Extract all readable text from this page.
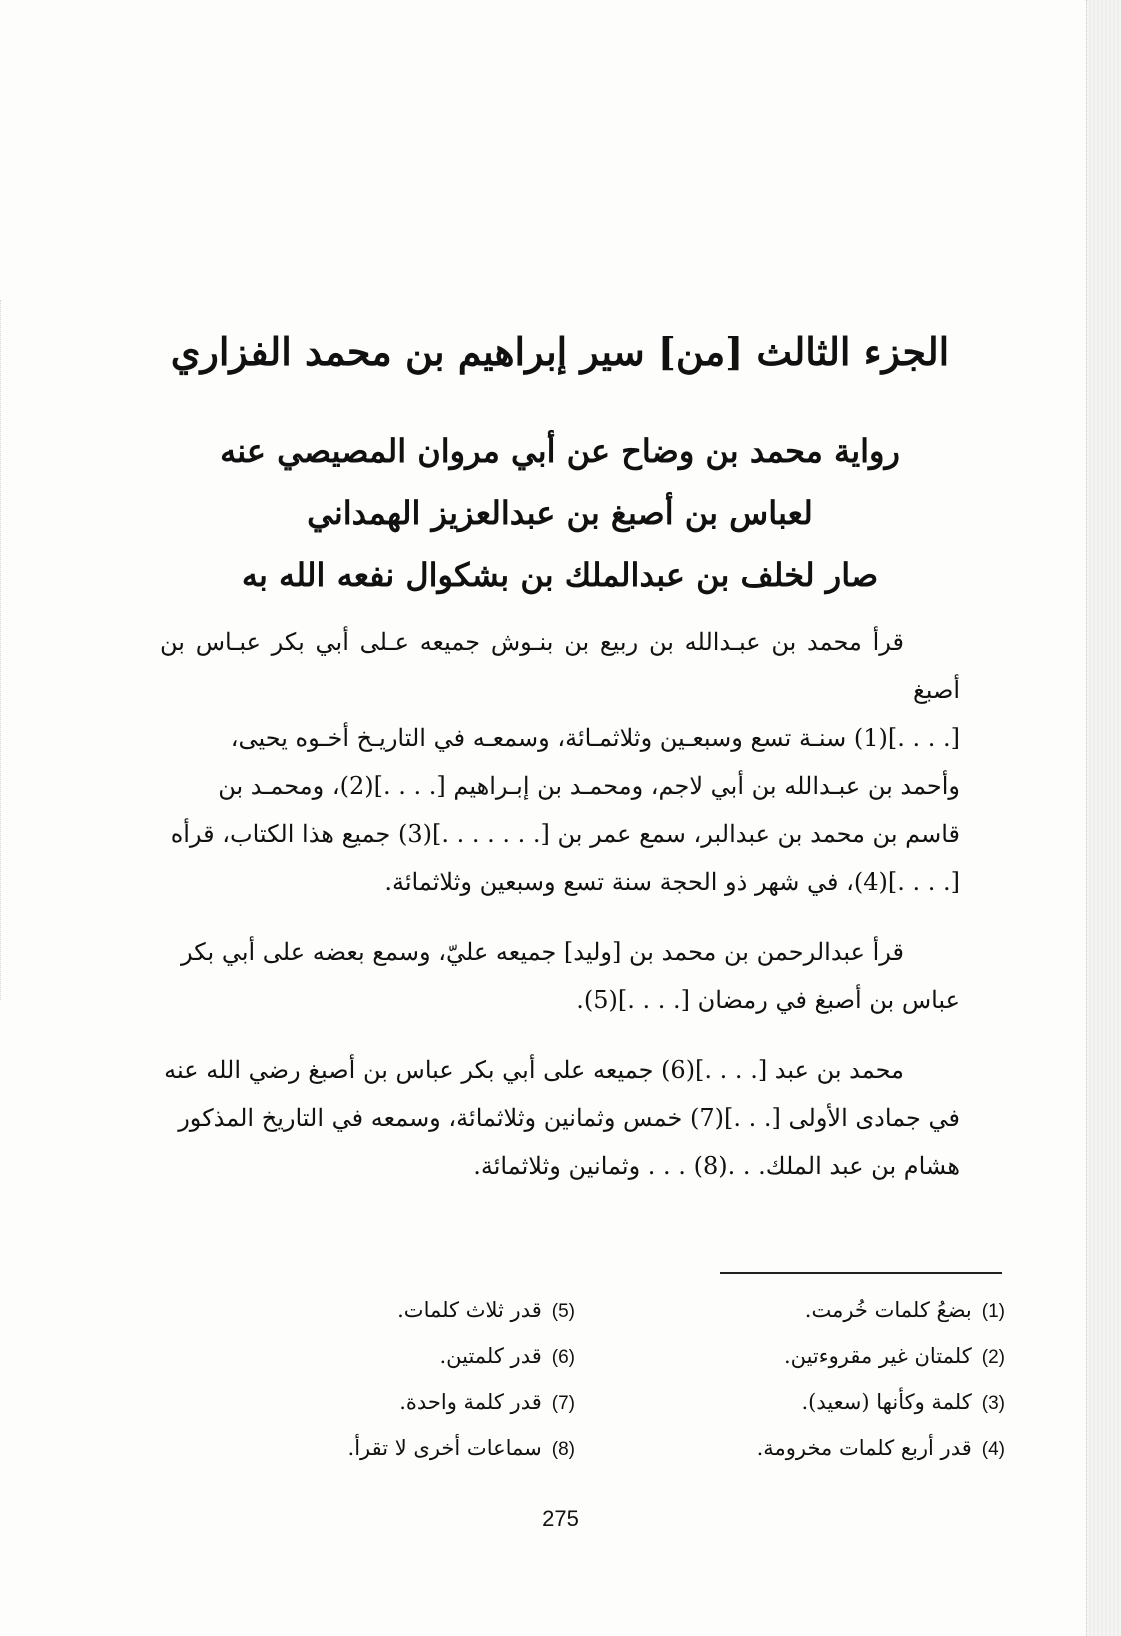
الجزء الثالث [من] سير إبراهيم بن محمد الفزاري
رواية محمد بن وضاح عن أبي مروان المصيصي عنه
لعباس بن أصبغ بن عبدالعزيز الهمداني
صار لخلف بن عبدالملك بن بشكوال نفعه الله به
قرأ محمد بن عبـدالله بن ربيع بن بنـوش جميعه عـلى أبي بكر عبـاس بن أصبغ
[. . . .](1) سنـة تسع وسبعـين وثلاثمـائة، وسمعـه في التاريـخ أخـوه يحيى،
وأحمد بن عبـدالله بن أبي لاجم، ومحمـد بن إبـراهيم [. . . .](2)، ومحمـد بن
قاسم بن محمد بن عبدالبر، سمع عمر بن [. . . . . . .](3) جميع هذا الكتاب، قرأه
[. . . .](4)، في شهر ذو الحجة سنة تسع وسبعين وثلاثمائة.
قرأ عبدالرحمن بن محمد بن [وليد] جميعه عليّ، وسمع بعضه على أبي بكر
عباس بن أصبغ في رمضان [. . . .](5).
محمد بن عبد [. . . .](6) جميعه على أبي بكر عباس بن أصبغ رضي الله عنه
في جمادى الأولى [. . .](7) خمس وثمانين وثلاثمائة، وسمعه في التاريخ المذكور
هشام بن عبد الملك. . .(8) . . . وثمانين وثلاثمائة.
(1)بضعُ كلمات خُرمت.
(2)كلمتان غير مقروءتين.
(3)كلمة وكأنها (سعيد).
(4)قدر أربع كلمات مخرومة.
(5)قدر ثلاث كلمات.
(6)قدر كلمتين.
(7)قدر كلمة واحدة.
(8)سماعات أخرى لا تقرأ.
275
